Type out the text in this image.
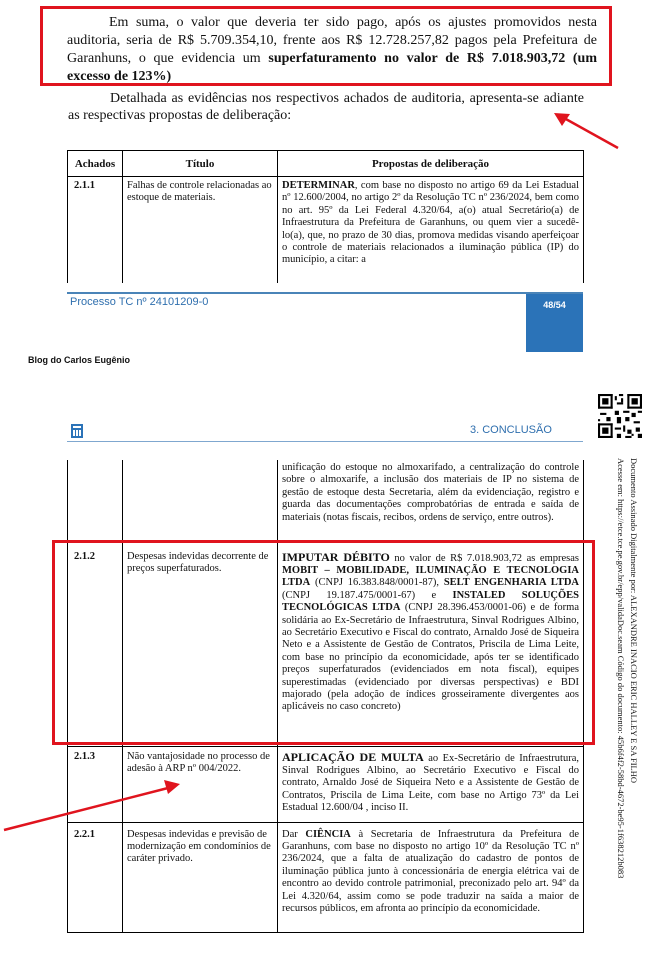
Em suma, o valor que deveria ter sido pago, após os ajustes promovidos nesta auditoria, seria de R$ 5.709.354,10, frente aos R$ 12.728.257,82 pagos pela Prefeitura de Garanhuns, o que evidencia um superfaturamento no valor de R$ 7.018.903,72 (um excesso de 123%)

Detalhada as evidências nos respectivos achados de auditoria, apresenta-se adiante as respectivas propostas de deliberação:

Achados	Título	Propostas de deliberação
2.1.1	Falhas de controle relacionadas ao estoque de materiais.	DETERMINAR, com base no disposto no artigo 69 da Lei Estadual nº 12.600/2004, no artigo 2º da Resolução TC nº 236/2024, bem como no art. 95º da Lei Federal 4.320/64, a(o) atual Secretário(a) de Infraestrutura da Prefeitura de Garanhuns, ou quem vier a sucedê-lo(a), que, no prazo de 30 dias, promova medidas visando aperfeiçoar o controle de materiais relacionados a iluminação pública (IP) do município, a citar: a
Processo TC nº 24101209-0	48/54
Blog do Carlos Eugênio
3. CONCLUSÃO

		unificação do estoque no almoxarifado, a centralização do controle sobre o almoxarife, a inclusão dos materiais de IP no sistema de gestão de estoque desta Secretaria, além da evidenciação, registro e guarda das documentações comprobatórias de entrada e saída de materiais (notas fiscais, recibos, ordens de serviço, entre outros).

2.1.2	Despesas indevidas decorrente de preços superfaturados.	IMPUTAR DÉBITO no valor de R$ 7.018.903,72 as empresas MOBIT – MOBILIDADE, ILUMINAÇÃO E TECNOLOGIA LTDA (CNPJ 16.383.848/0001-87), SELT ENGENHARIA LTDA (CNPJ 19.187.475/0001-67) e INSTALED SOLUÇÕES TECNOLÓGICAS LTDA (CNPJ 28.396.453/0001-06) e de forma solidária ao Ex-Secretário de Infraestrutura, Sinval Rodrigues Albino, ao Secretário Executivo e Fiscal do contrato, Arnaldo José de Siqueira Neto e a Assistente de Gestão de Contratos, Priscila de Lima Leite, com base no princípio da economicidade, após ter se identificado preços superfaturados (evidenciados em nota fiscal), equipes superestimadas (evidenciado por diversas perspectivas) e BDI majorado (pela adoção de índices grosseiramente divergentes aos aplicáveis no caso concreto)
2.1.3	Não vantajosidade no processo de adesão à ARP nº 004/2022.	APLICAÇÃO DE MULTA ao Ex-Secretário de Infraestrutura, Sinval Rodrigues Albino, ao Secretário Executivo e Fiscal do contrato, Arnaldo José de Siqueira Neto e a Assistente de Gestão de Contratos, Priscila de Lima Leite, com base no Artigo 73º da Lei Estadual 12.600/04 , inciso II.
2.2.1	Despesas indevidas e previsão de modernização em condomínios de caráter privado.	Dar CIÊNCIA à Secretaria de Infraestrutura da Prefeitura de Garanhuns, com base no disposto no artigo 10º da Resolução TC nº 236/2024, que a falta de atualização do cadastro de pontos de iluminação pública junto à concessionária de energia elétrica vai de encontro ao devido controle patrimonial, preconizado pelo art. 94º da Lei 4.320/64, assim como se pode traduzir na saída a maior de recursos públicos, em afronta ao princípio da economicidade.
Documento Assinado Digitalmente por: ALEXANDRE INACIO ERIC HALLEY E SA FILHO
Acesse em: https://etce.tce.pe.gov.br/epp/validaDoc.seam Código do documento: 45b6f4f2-58bd-4672-be95-1f638212b083
